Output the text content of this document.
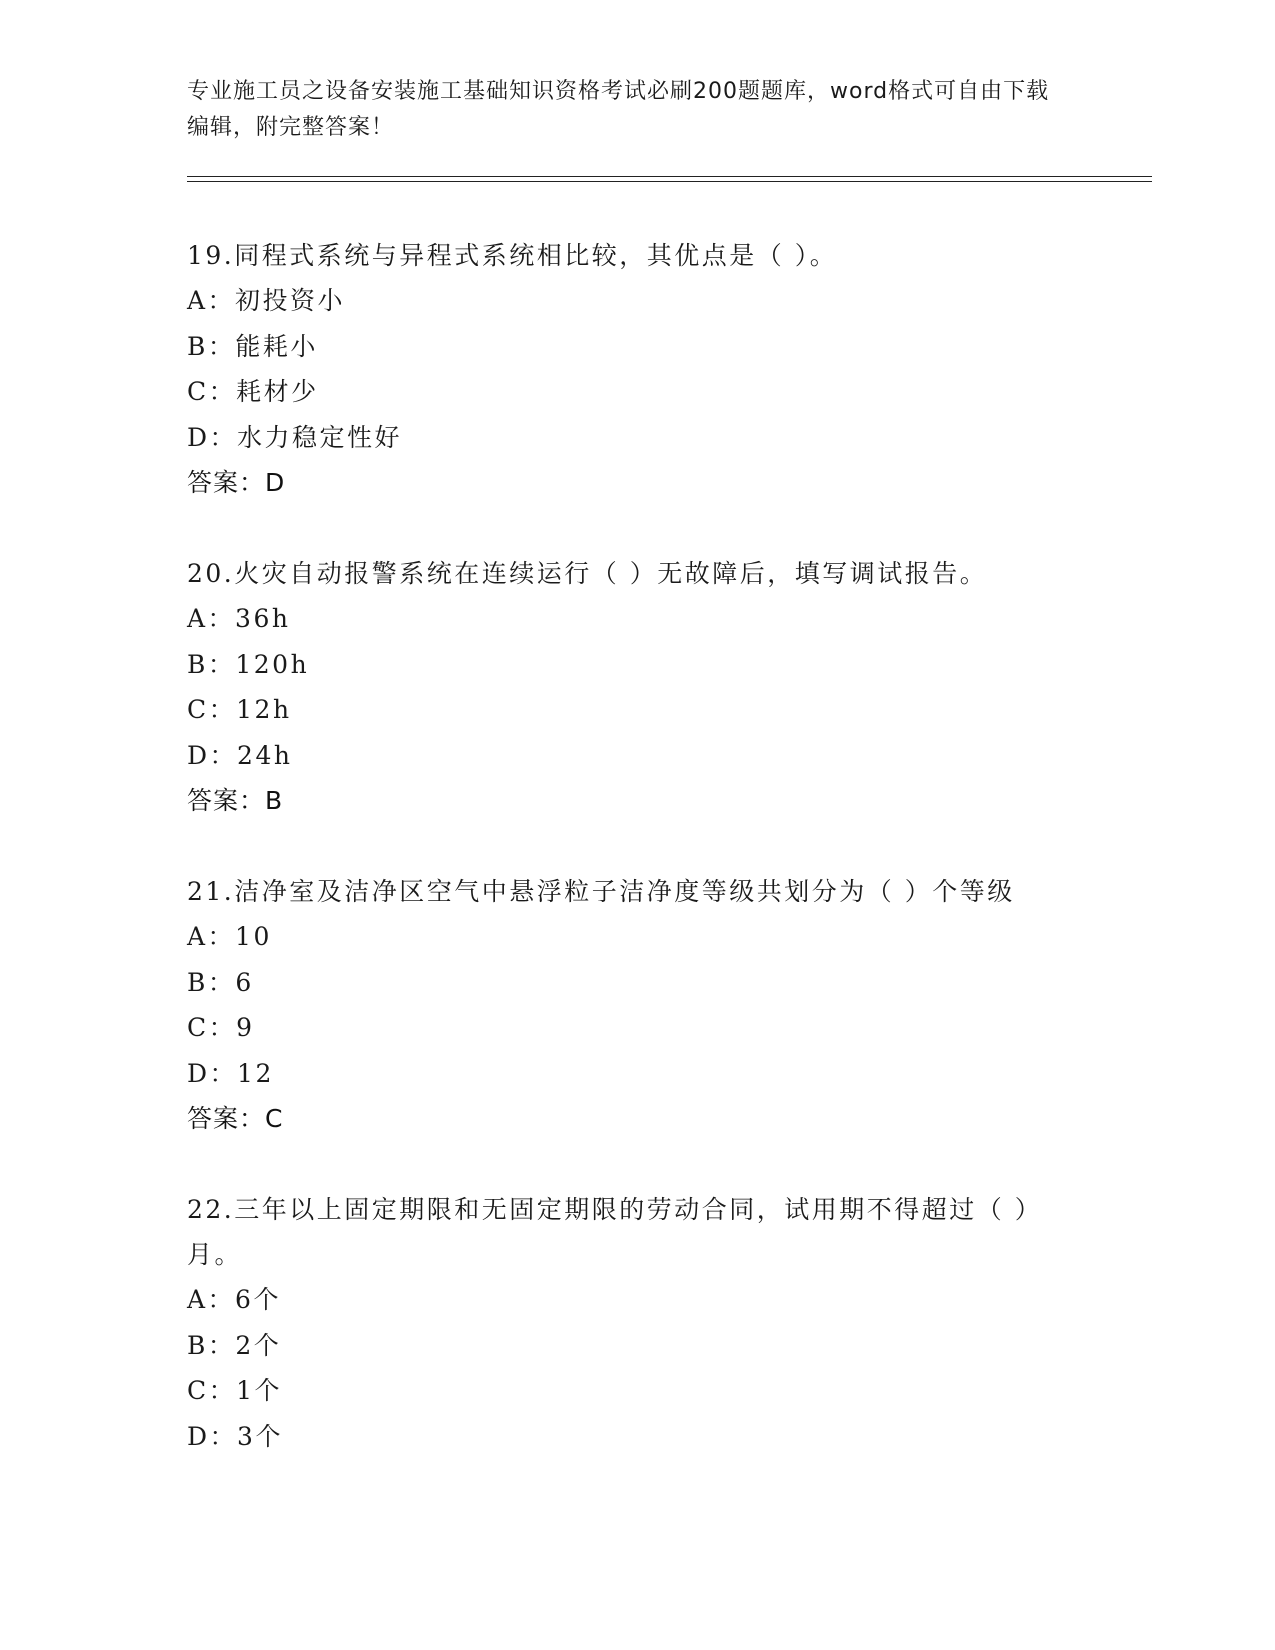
专业施工员之设备安装施工基础知识资格考试必刷200题题库，word格式可自由下载编辑，附完整答案！

19.同程式系统与异程式系统相比较，其优点是（ ）。

A：初投资小

B：能耗小

C：耗材少

D：水力稳定性好

答案：D

20.火灾自动报警系统在连续运行（ ）无故障后，填写调试报告。

A：36h

B：120h

C：12h

D：24h

答案：B

21.洁净室及洁净区空气中悬浮粒子洁净度等级共划分为（ ）个等级

A：10

B：6

C：9

D：12

答案：C

22.三年以上固定期限和无固定期限的劳动合同，试用期不得超过（ ）月。

A：6个

B：2个

C：1个

D：3个
